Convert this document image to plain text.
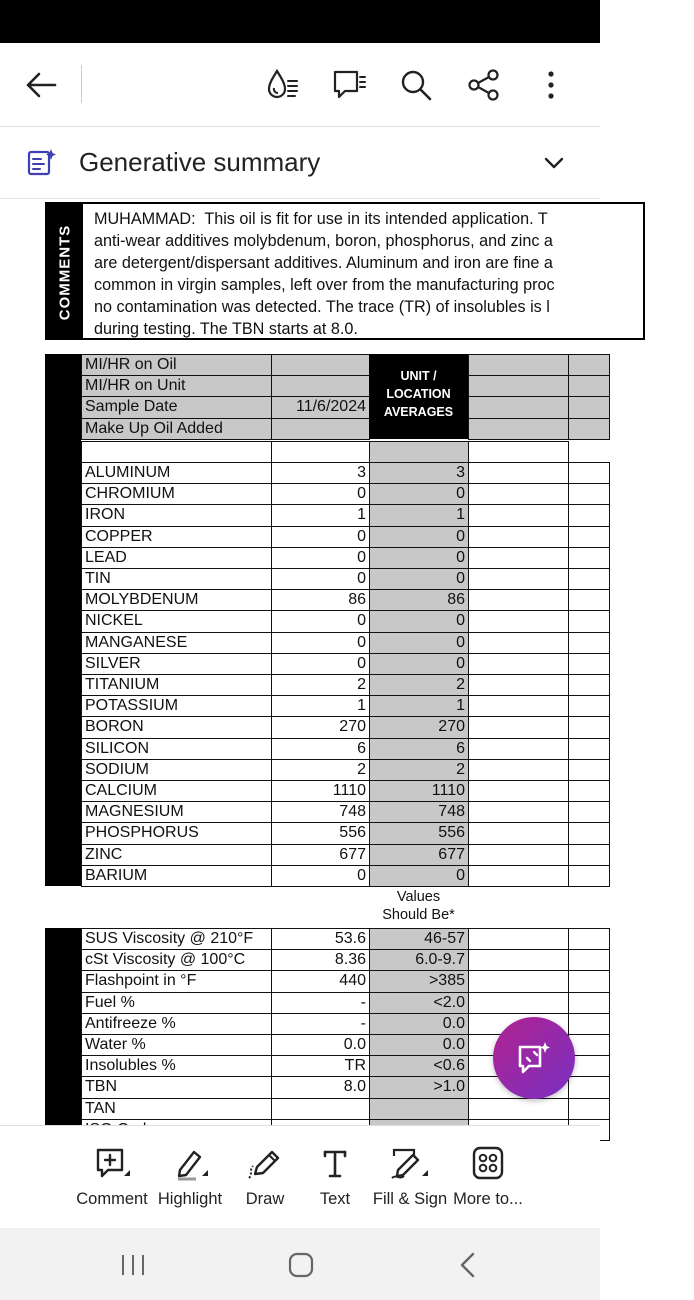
Generative summary
COMMENTS
MUHAMMAD:  This oil is fit for use in its intended application. T
anti-wear additives molybdenum, boron, phosphorus, and zinc a
are detergent/dispersant additives. Aluminum and iron are fine a
common in virgin samples, left over from the manufacturing proc
no contamination was detected. The trace (TR) of insolubles is l
during testing. The TBN starts at 8.0.
MI/HR on Oil
MI/HR on Unit
Sample Date	11/6/2024
Make Up Oil Added
UNIT /
LOCATION
AVERAGES
ALUMINUM	3	3
CHROMIUM	0	0
IRON	1	1
COPPER	0	0
LEAD	0	0
TIN	0	0
MOLYBDENUM	86	86
NICKEL	0	0
MANGANESE	0	0
SILVER	0	0
TITANIUM	2	2
POTASSIUM	1	1
BORON	270	270
SILICON	6	6
SODIUM	2	2
CALCIUM	1110	1110
MAGNESIUM	748	748
PHOSPHORUS	556	556
ZINC	677	677
BARIUM	0	0
Values
Should Be*
SUS Viscosity @ 210°F	53.6	46-57
cSt Viscosity @ 100°C	8.36	6.0-9.7
Flashpoint in °F	440	>385
Fuel %	-	<2.0
Antifreeze %	-	0.0
Water %	0.0	0.0
Insolubles %	TR	<0.6
TBN	8.0	>1.0
TAN
Comment Highlight	Draw	Text	Fill & Sign More to...
